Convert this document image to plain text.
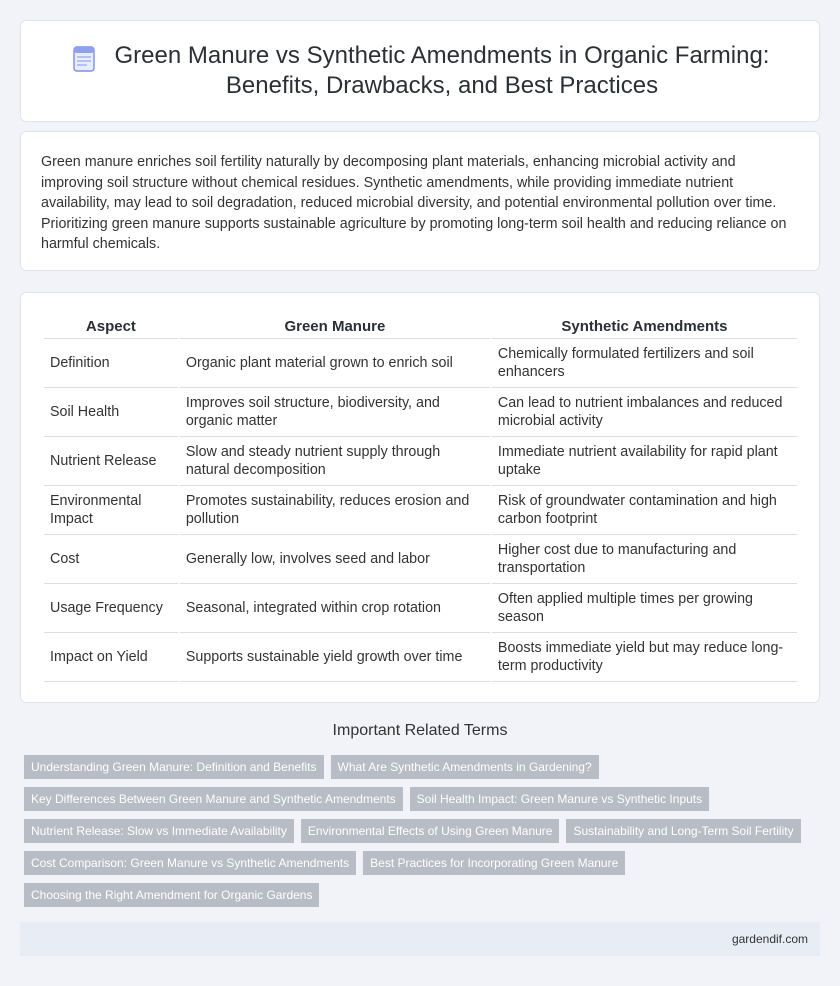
Green Manure vs Synthetic Amendments in Organic Farming:
Benefits, Drawbacks, and Best Practices

Green manure enriches soil fertility naturally by decomposing plant materials, enhancing microbial activity and improving soil structure without chemical residues. Synthetic amendments, while providing immediate nutrient availability, may lead to soil degradation, reduced microbial diversity, and potential environmental pollution over time. Prioritizing green manure supports sustainable agriculture by promoting long-term soil health and reducing reliance on harmful chemicals.

Aspect	Green Manure	Synthetic Amendments
Definition	Organic plant material grown to enrich soil	Chemically formulated fertilizers and soil enhancers
Soil Health	Improves soil structure, biodiversity, and organic matter	Can lead to nutrient imbalances and reduced microbial activity
Nutrient Release	Slow and steady nutrient supply through natural decomposition	Immediate nutrient availability for rapid plant uptake
Environmental Impact	Promotes sustainability, reduces erosion and pollution	Risk of groundwater contamination and high carbon footprint
Cost	Generally low, involves seed and labor	Higher cost due to manufacturing and transportation
Usage Frequency	Seasonal, integrated within crop rotation	Often applied multiple times per growing season
Impact on Yield	Supports sustainable yield growth over time	Boosts immediate yield but may reduce long-term productivity
Important Related Terms
Understanding Green Manure: Definition and Benefits	What Are Synthetic Amendments in Gardening?
Key Differences Between Green Manure and Synthetic Amendments	Soil Health Impact: Green Manure vs Synthetic Inputs
Nutrient Release: Slow vs Immediate Availability	Environmental Effects of Using Green Manure	Sustainability and Long-Term Soil Fertility
Cost Comparison: Green Manure vs Synthetic Amendments	Best Practices for Incorporating Green Manure
Choosing the Right Amendment for Organic Gardens
gardendif.com
